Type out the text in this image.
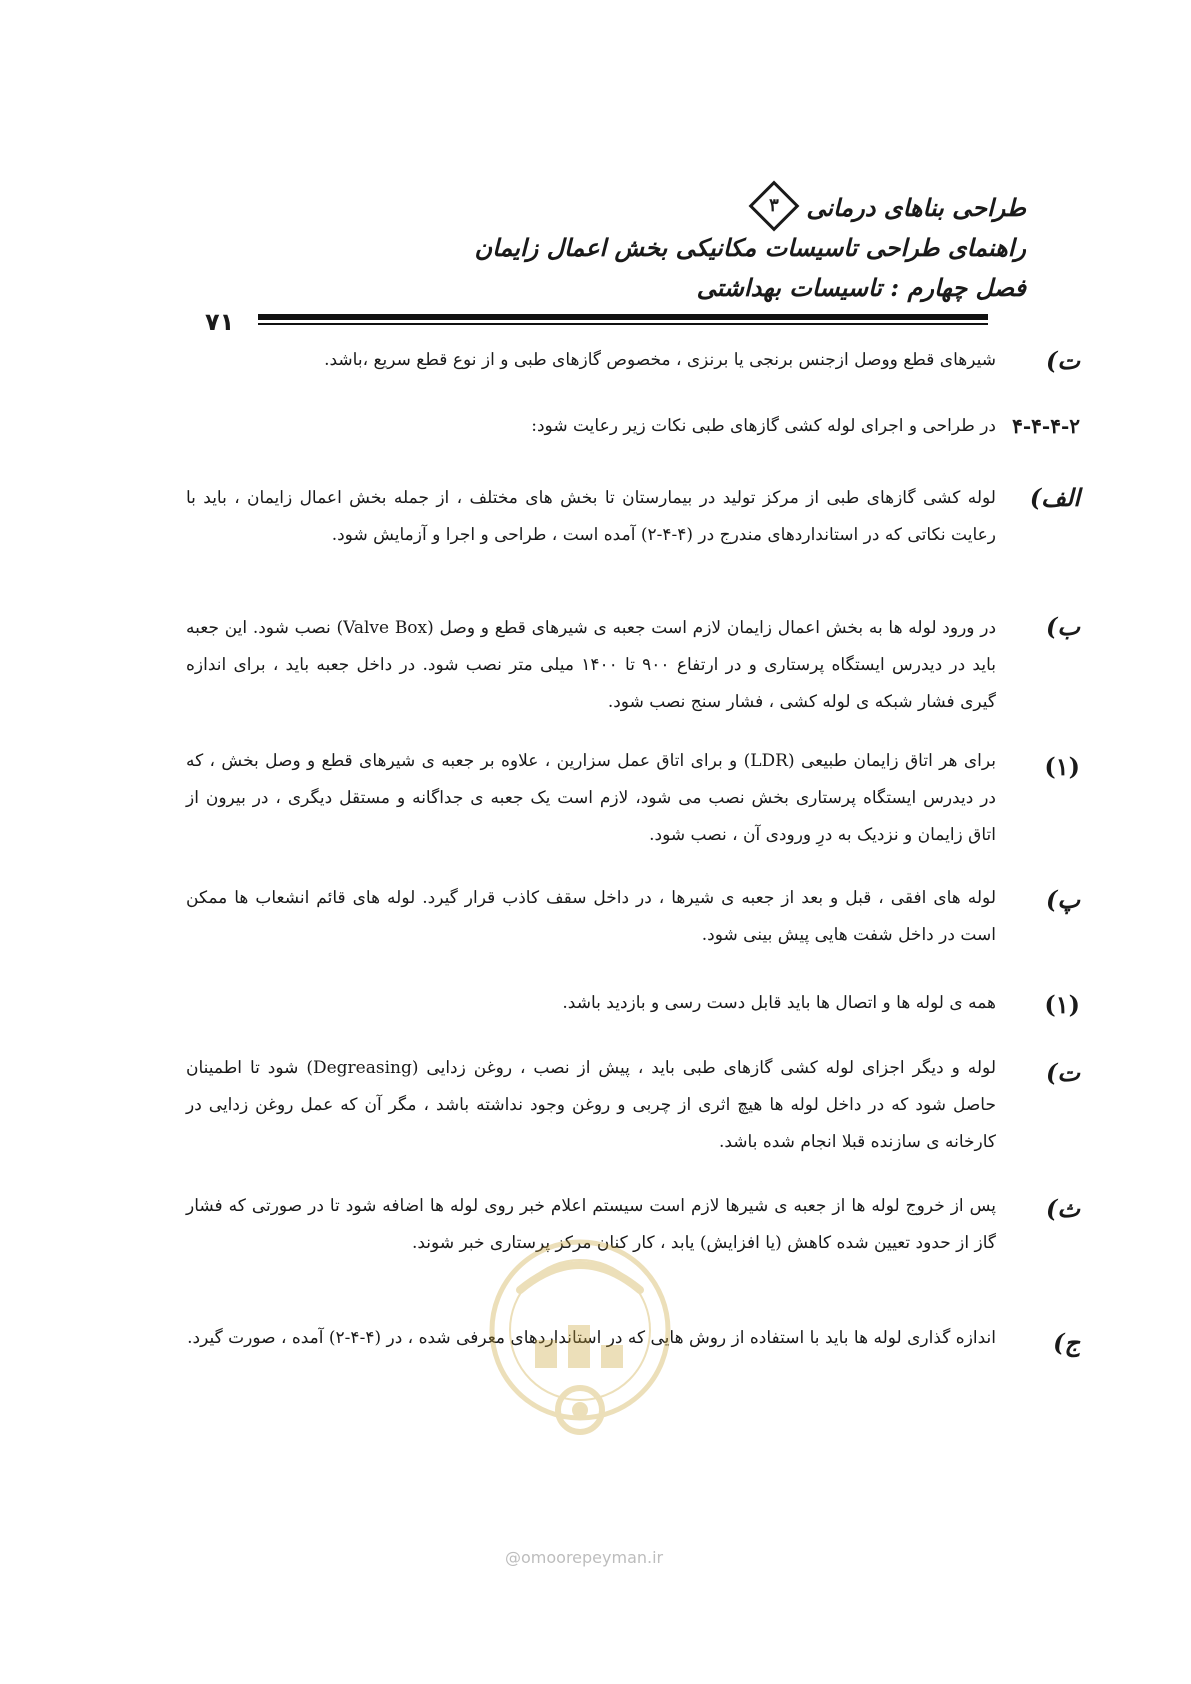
طراحی بناهای درمانی
۳
راهنمای طراحی تاسیسات مکانیکی بخش اعمال زایمان
فصل چهارم : تاسیسات بهداشتی
۷۱
ت)
شیرهای قطع ووصل ازجنس برنجی یا برنزی ، مخصوص گازهای طبی و از نوع قطع سریع ،باشد.
۴-۴-۴-۲
در طراحی و اجرای لوله کشی گازهای طبی نکات زیر رعایت شود:
الف)
لوله کشی گازهای طبی از مرکز تولید در بیمارستان تا بخش های مختلف ، از جمله بخش اعمال زایمان ، باید با رعایت نکاتی که در استانداردهای مندرج در (۴-۴-۲) آمده است ، طراحی و اجرا و آزمایش شود.
ب)
در ورود لوله ها به بخش اعمال زایمان لازم است جعبه ی شیرهای قطع و وصل (Valve Box) نصب شود. این جعبه باید در دیدرس ایستگاه پرستاری و در ارتفاع ۹۰۰ تا ۱۴۰۰ میلی متر نصب شود. در داخل جعبه باید ، برای اندازه گیری فشار شبکه ی لوله کشی ، فشار سنج نصب شود.
(۱)
برای هر اتاق زایمان طبیعی (LDR) و برای اتاق عمل سزارین ، علاوه بر جعبه ی شیرهای قطع و وصل بخش ، که در دیدرس ایستگاه پرستاری بخش نصب می شود، لازم است یک جعبه ی جداگانه و مستقل دیگری ، در بیرون از اتاق زایمان و نزدیک به درِ ورودی آن ، نصب شود.
پ)
لوله های افقی ، قبل و بعد از جعبه ی شیرها ، در داخل سقف کاذب قرار گیرد. لوله های قائم انشعاب ها ممکن است در داخل شفت هایی پیش بینی شود.
(۱)
همه ی لوله ها و اتصال ها باید قابل دست رسی و بازدید باشد.
ت)
لوله و دیگر اجزای لوله کشی گازهای طبی باید ، پیش از نصب ، روغن زدایی (Degreasing) شود تا اطمینان حاصل شود که در داخل لوله ها هیچ اثری از چربی و روغن وجود نداشته باشد ، مگر آن که عمل روغن زدایی در کارخانه ی سازنده قبلا انجام شده باشد.
ث)
پس از خروج لوله ها از جعبه ی شیرها لازم است سیستم اعلام خبر روی لوله ها اضافه شود تا در صورتی که فشار گاز از حدود تعیین شده کاهش (یا افزایش) یابد ، کار کنان مرکز پرستاری خبر شوند.
ج)
اندازه گذاری لوله ها باید با استفاده از روش هایی که در استانداردهای معرفی شده ، در (۴-۴-۲) آمده ، صورت گیرد.
@omoorepeyman.ir
